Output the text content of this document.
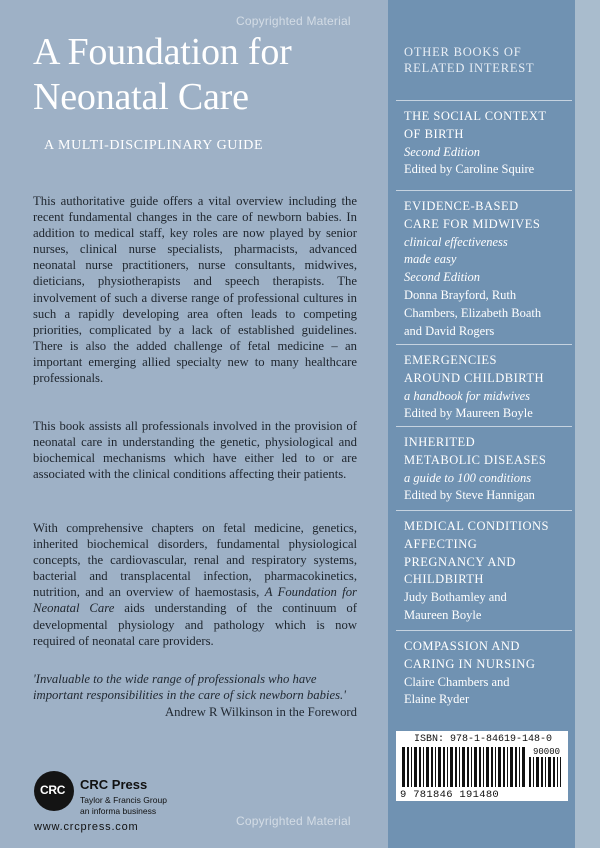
Copyrighted Material
A Foundation for
Neonatal Care
A MULTI-DISCIPLINARY GUIDE
This authoritative guide offers a vital overview including the recent fundamental changes in the care of newborn babies. In addition to medical staff, key roles are now played by senior nurses, clinical nurse specialists, pharmacists, advanced neonatal nurse practitioners, nurse consultants, midwives, dieticians, physiotherapists and speech therapists. The involvement of such a diverse range of professional cultures in such a rapidly developing area often leads to competing priorities, complicated by a lack of established guidelines. There is also the added challenge of fetal medicine – an important emerging allied specialty new to many healthcare professionals.
This book assists all professionals involved in the provision of neonatal care in understanding the genetic, physiological and biochemical mechanisms which have either led to or are associated with the clinical conditions affecting their patients.
With comprehensive chapters on fetal medicine, genetics, inherited biochemical disorders, fundamental physiological concepts, the cardiovascular, renal and respiratory systems, bacterial and transplacental infection, pharmacokinetics, nutrition, and an overview of haemostasis, A Foundation for Neonatal Care aids understanding of the continuum of developmental physiology and pathology which is now required of neonatal care providers.
'Invaluable to the wide range of professionals who have important responsibilities in the care of sick newborn babies.'
Andrew R Wilkinson in the Foreword
CRC CRC Press
Taylor & Francis Group
an informa business
www.crcpress.com	Copyrighted Material
OTHER BOOKS OF
RELATED INTEREST
THE SOCIAL CONTEXT
OF BIRTH
Second Edition
Edited by Caroline Squire
EVIDENCE-BASED
CARE FOR MIDWIVES
clinical effectiveness
made easy
Second Edition
Donna Brayford, Ruth
Chambers, Elizabeth Boath
and David Rogers
EMERGENCIES
AROUND CHILDBIRTH
a handbook for midwives
Edited by Maureen Boyle
INHERITED
METABOLIC DISEASES
a guide to 100 conditions
Edited by Steve Hannigan
MEDICAL CONDITIONS
AFFECTING
PREGNANCY AND
CHILDBIRTH
Judy Bothamley and
Maureen Boyle
COMPASSION AND
CARING IN NURSING
Claire Chambers and
Elaine Ryder
ISBN: 978-1-84619-148-0
90000
9 781846 191480
